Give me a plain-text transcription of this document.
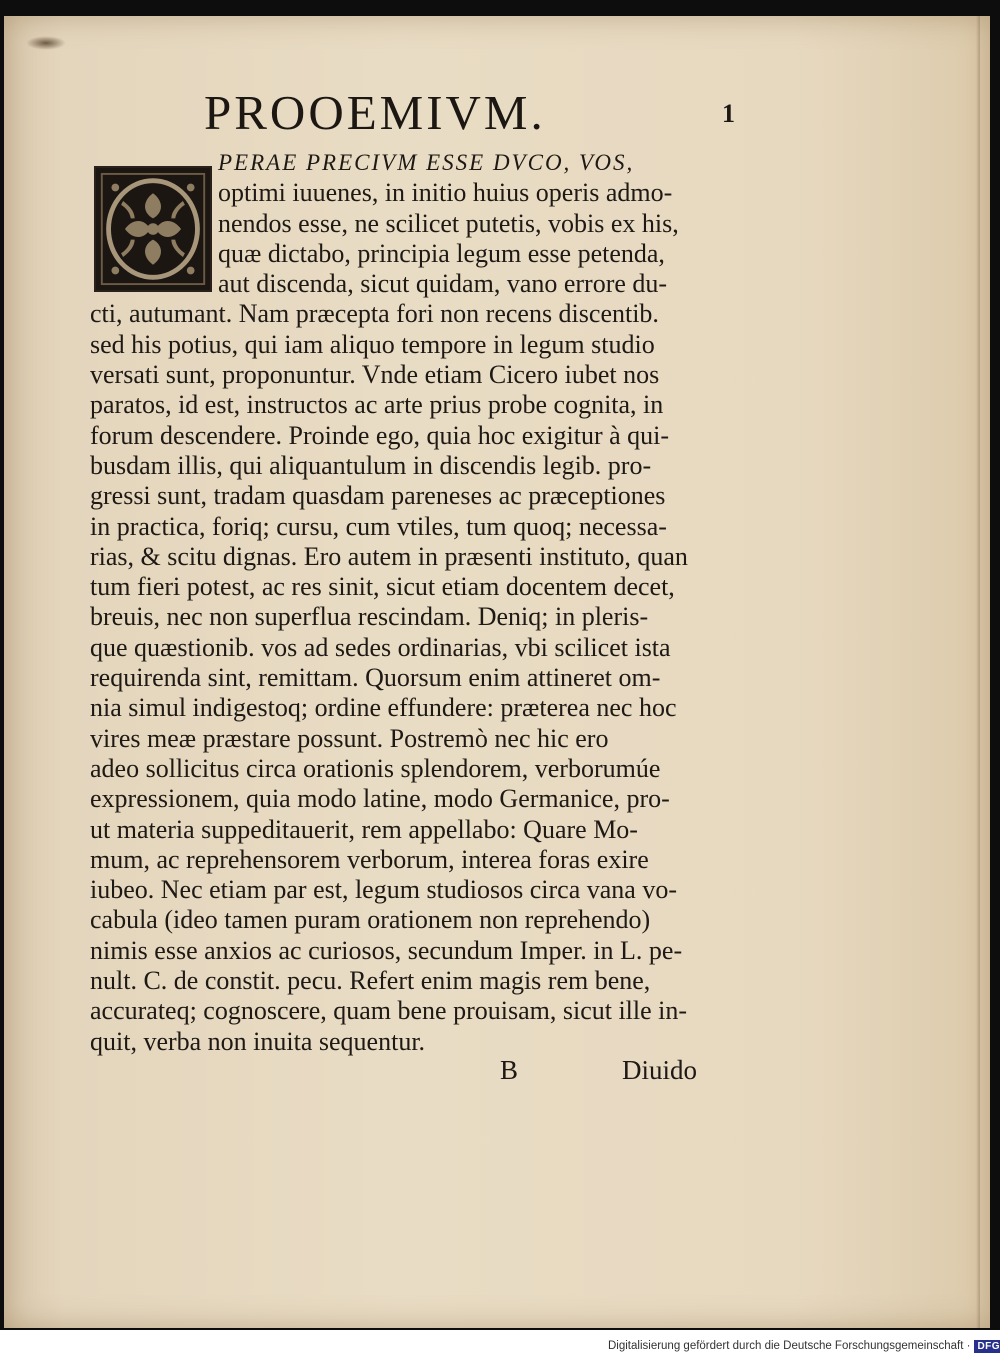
PROOEMIVM.	1
PERAE PRECIVM ESSE DVCO, VOS,
optimi iuuenes, in initio huius operis admo-
nendos esse, ne scilicet putetis, vobis ex his,
quæ dictabo, principia legum esse petenda,
aut discenda, sicut quidam, vano errore du-
cti, autumant. Nam præcepta fori non recens discentib.
sed his potius, qui iam aliquo tempore in legum studio
versati sunt, proponuntur. Vnde etiam Cicero iubet nos
paratos, id est, instructos ac arte prius probe cognita, in
forum descendere. Proinde ego, quia hoc exigitur à qui-
busdam illis, qui aliquantulum in discendis legib. pro-
gressi sunt, tradam quasdam pareneses ac præceptiones
in practica, foriq; cursu, cum vtiles, tum quoq; necessa-
rias, & scitu dignas. Ero autem in præsenti instituto, quan
tum fieri potest, ac res sinit, sicut etiam docentem decet,
breuis, nec non superflua rescindam. Deniq; in pleris-
que quæstionib. vos ad sedes ordinarias, vbi scilicet ista
requirenda sint, remittam. Quorsum enim attineret om-
nia simul indigestoq; ordine effundere: præterea nec hoc
vires meæ præstare possunt. Postremò nec hic ero
adeo sollicitus circa orationis splendorem, verborumúe
expressionem, quia modo latine, modo Germanice, pro-
ut materia suppeditauerit, rem appellabo: Quare Mo-
mum, ac reprehensorem verborum, interea foras exire
iubeo. Nec etiam par est, legum studiosos circa vana vo-
cabula (ideo tamen puram orationem non reprehendo)
nimis esse anxios ac curiosos, secundum Imper. in L. pe-
nult. C. de constit. pecu. Refert enim magis rem bene,
accurateq; cognoscere, quam bene prouisam, sicut ille in-
quit, verba non inuita sequentur.
B	Diuido
Digitalisierung gefördert durch die Deutsche Forschungsgemeinschaft · DFG
